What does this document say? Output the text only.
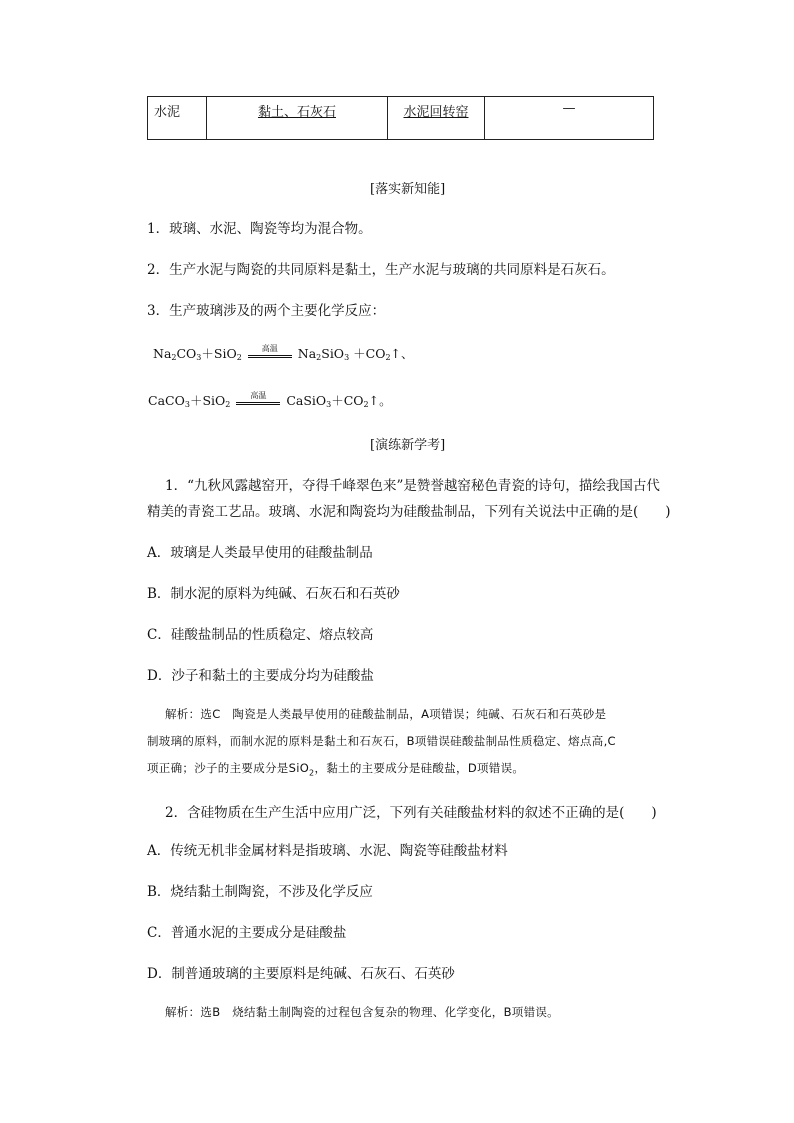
水泥	黏土、石灰石	水泥回转窑	—
[落实新知能]
1．玻璃、水泥、陶瓷等均为混合物。
2．生产水泥与陶瓷的共同原料是黏土，生产水泥与玻璃的共同原料是石灰石。
3．生产玻璃涉及的两个主要化学反应：
$Na_2CO_3+SiO_2$
高温	$Na_2SiO_3$ $+CO_2↑$、
CaCO$_3$＋SiO$_2$
高温	$CaSiO_3+CO_2↑$。
[演练新学考]
1．“九秋风露越窑开，夺得千峰翠色来”是赞誉越窑秘色青瓷的诗句，描绘我国古代
精美的青瓷工艺品。玻璃、水泥和陶瓷均为硅酸盐制品，下列有关说法中正确的是(　　)
A．玻璃是人类最早使用的硅酸盐制品
B．制水泥的原料为纯碱、石灰石和石英砂
C．硅酸盐制品的性质稳定、熔点较高
D．沙子和黏土的主要成分均为硅酸盐
解析：选C　陶瓷是人类最早使用的硅酸盐制品，A项错误；纯碱、石灰石和石英砂是
制玻璃的原料，而制水泥的原料是黏土和石灰石，B项错误硅酸盐制品性质稳定、熔点高,C
项正确；沙子的主要成分是SiO$_2$，黏土的主要成分是硅酸盐，D项错误。
2．含硅物质在生产生活中应用广泛，下列有关硅酸盐材料的叙述不正确的是(　　)
A．传统无机非金属材料是指玻璃、水泥、陶瓷等硅酸盐材料
B．烧结黏土制陶瓷，不涉及化学反应
C．普通水泥的主要成分是硅酸盐
D．制普通玻璃的主要原料是纯碱、石灰石、石英砂
解析：选B　烧结黏土制陶瓷的过程包含复杂的物理、化学变化，B项错误。
